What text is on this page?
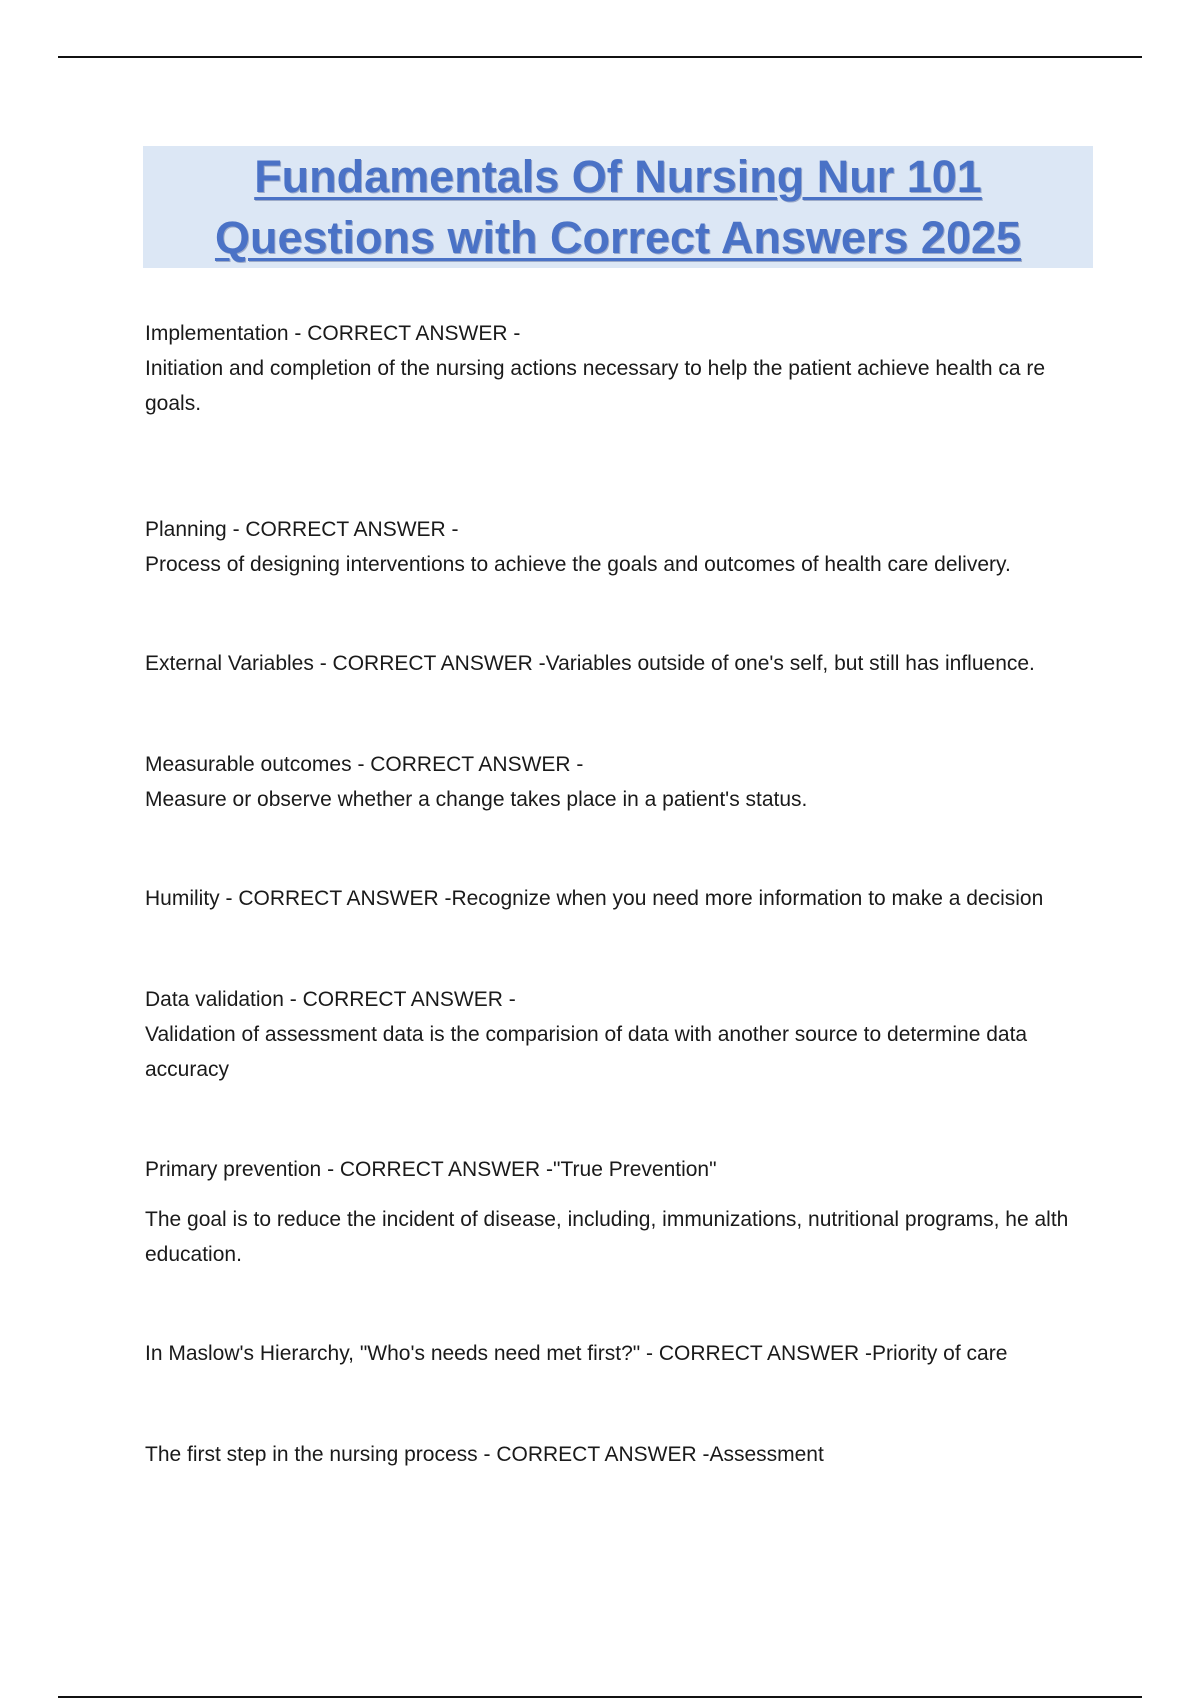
Fundamentals Of Nursing Nur 101
Questions with Correct Answers 2025

Implementation - CORRECT ANSWER -

Initiation and completion of the nursing actions necessary to help the patient achieve health ca re goals.

Planning - CORRECT ANSWER -

Process of designing interventions to achieve the goals and outcomes of health care delivery.

External Variables - CORRECT ANSWER -Variables outside of one's self, but still has influence.

Measurable outcomes - CORRECT ANSWER -

Measure or observe whether a change takes place in a patient's status.

Humility - CORRECT ANSWER -Recognize when you need more information to make a decision

Data validation - CORRECT ANSWER -

Validation of assessment data is the comparision of data with another source to determine data accuracy

Primary prevention - CORRECT ANSWER -"True Prevention"

The goal is to reduce the incident of disease, including, immunizations, nutritional programs, he alth education.

In Maslow's Hierarchy, "Who's needs need met first?" - CORRECT ANSWER -Priority of care

The first step in the nursing process - CORRECT ANSWER -Assessment
